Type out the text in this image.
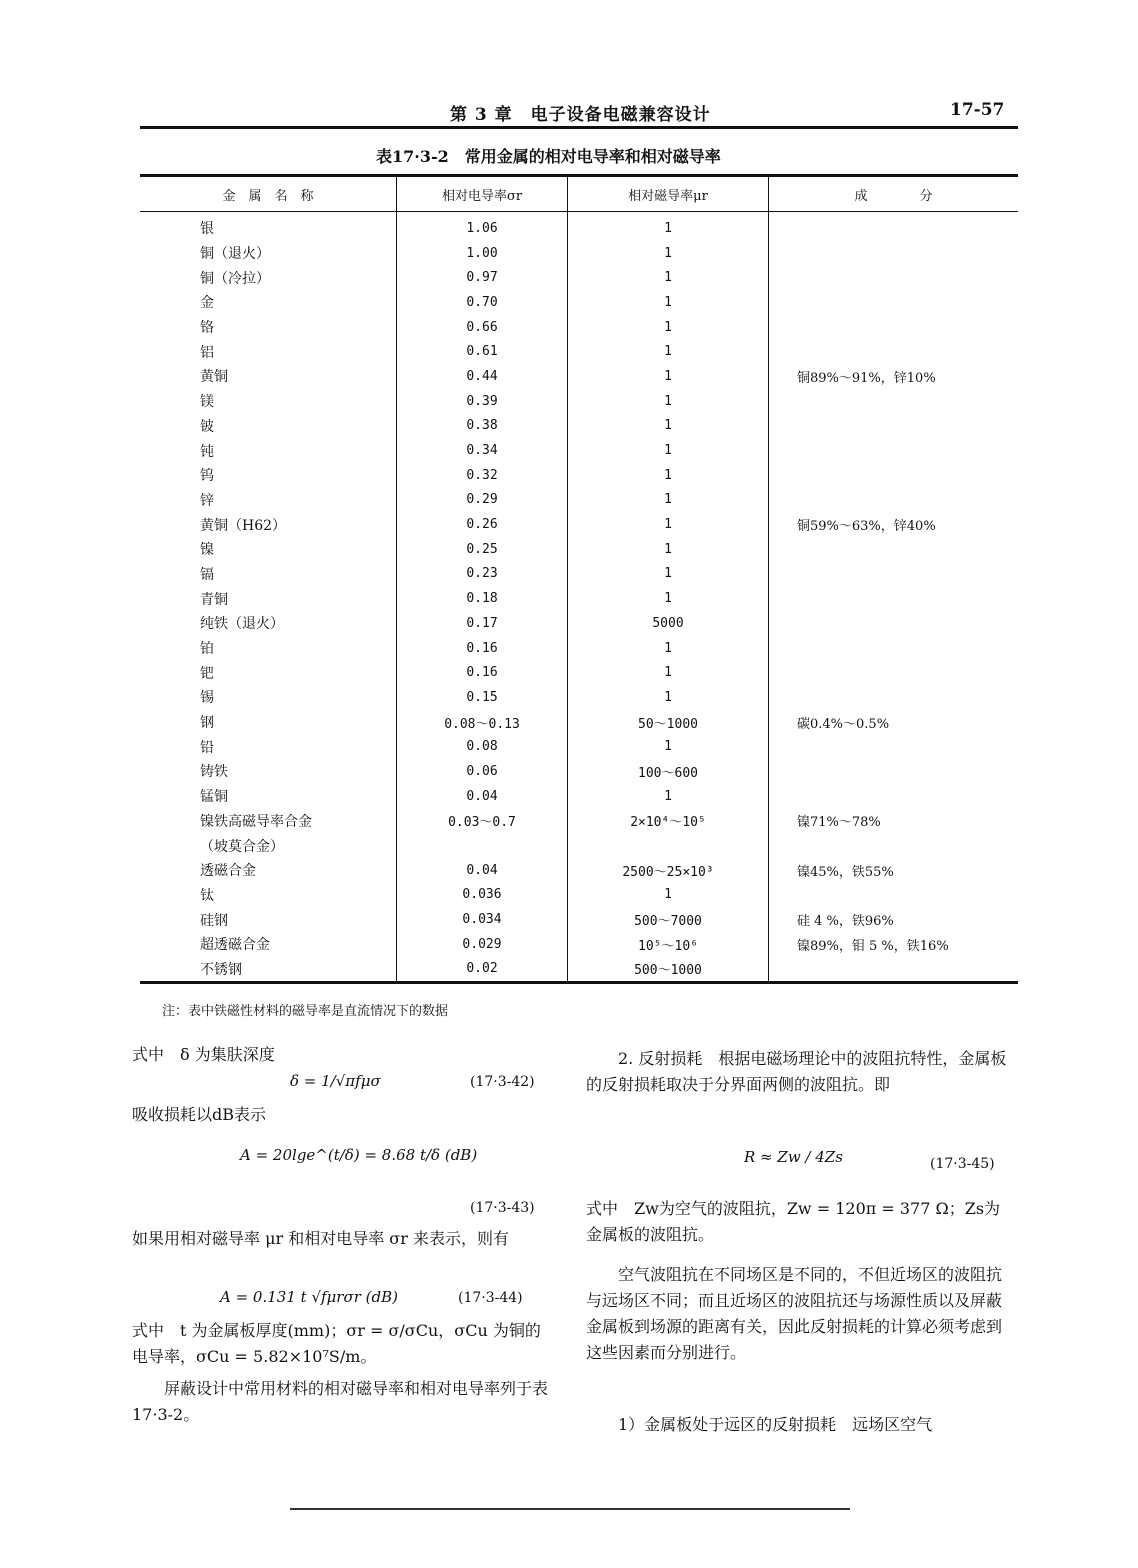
第 3 章　电子设备电磁兼容设计	17-57
表17·3-2　常用金属的相对电导率和相对磁导率
金　属　名　称	相对电导率σr	相对磁导率μr	成　　　　分
银	1.06	1	
铜（退火）	1.00	1	
铜（冷拉）	0.97	1	
金	0.70	1	
铬	0.66	1	
铝	0.61	1	
黄铜	0.44	1	铜89%～91%，锌10%
镁	0.39	1	
铍	0.38	1	
钝	0.34	1	
钨	0.32	1	
锌	0.29	1	
黄铜（H62）	0.26	1	铜59%～63%，锌40%
镍	0.25	1	
镉	0.23	1	
青铜	0.18	1	
纯铁（退火）	0.17	5000	
铂	0.16	1	
钯	0.16	1	
锡	0.15	1	
钢	0.08～0.13	50～1000	碳0.4%～0.5%
铅	0.08	1	
铸铁	0.06	100～600	
锰铜	0.04	1	
镍铁高磁导率合金	0.03～0.7	2×10⁴～10⁵	镍71%～78%
（坡莫合金）			
透磁合金	0.04	2500～25×10³	镍45%，铁55%
钛	0.036	1	
硅钢	0.034	500～7000	硅 4 %，铁96%
超透磁合金	0.029	10⁵～10⁶	镍89%，钼 5 %，铁16%
不锈钢	0.02	500～1000	
注：表中铁磁性材料的磁导率是直流情况下的数据
式中　δ 为集肤深度
δ = 1/√πfμσ	(17·3-42)
吸收损耗以dB表示
A = 20lge^(t/δ) = 8.68 t/δ (dB)
(17·3-43)
如果用相对磁导率 μr 和相对电导率 σr 来表示，则有
A = 0.131 t √fμrσr (dB)	(17·3-44)
式中　t 为金属板厚度(mm)；σr = σ/σCu，σCu 为铜的电导率，σCu = 5.82×10⁷S/m。
屏蔽设计中常用材料的相对磁导率和相对电导率列于表17·3-2。
2. 反射损耗　根据电磁场理论中的波阻抗特性，金属板的反射损耗取决于分界面两侧的波阻抗。即
R ≈ Zw / 4Zs	(17·3-45)
式中　Zw为空气的波阻抗，Zw = 120π = 377 Ω；Zs为金属板的波阻抗。
空气波阻抗在不同场区是不同的，不但近场区的波阻抗与远场区不同；而且近场区的波阻抗还与场源性质以及屏蔽金属板到场源的距离有关，因此反射损耗的计算必须考虑到这些因素而分别进行。
1）金属板处于远区的反射损耗　远场区空气
